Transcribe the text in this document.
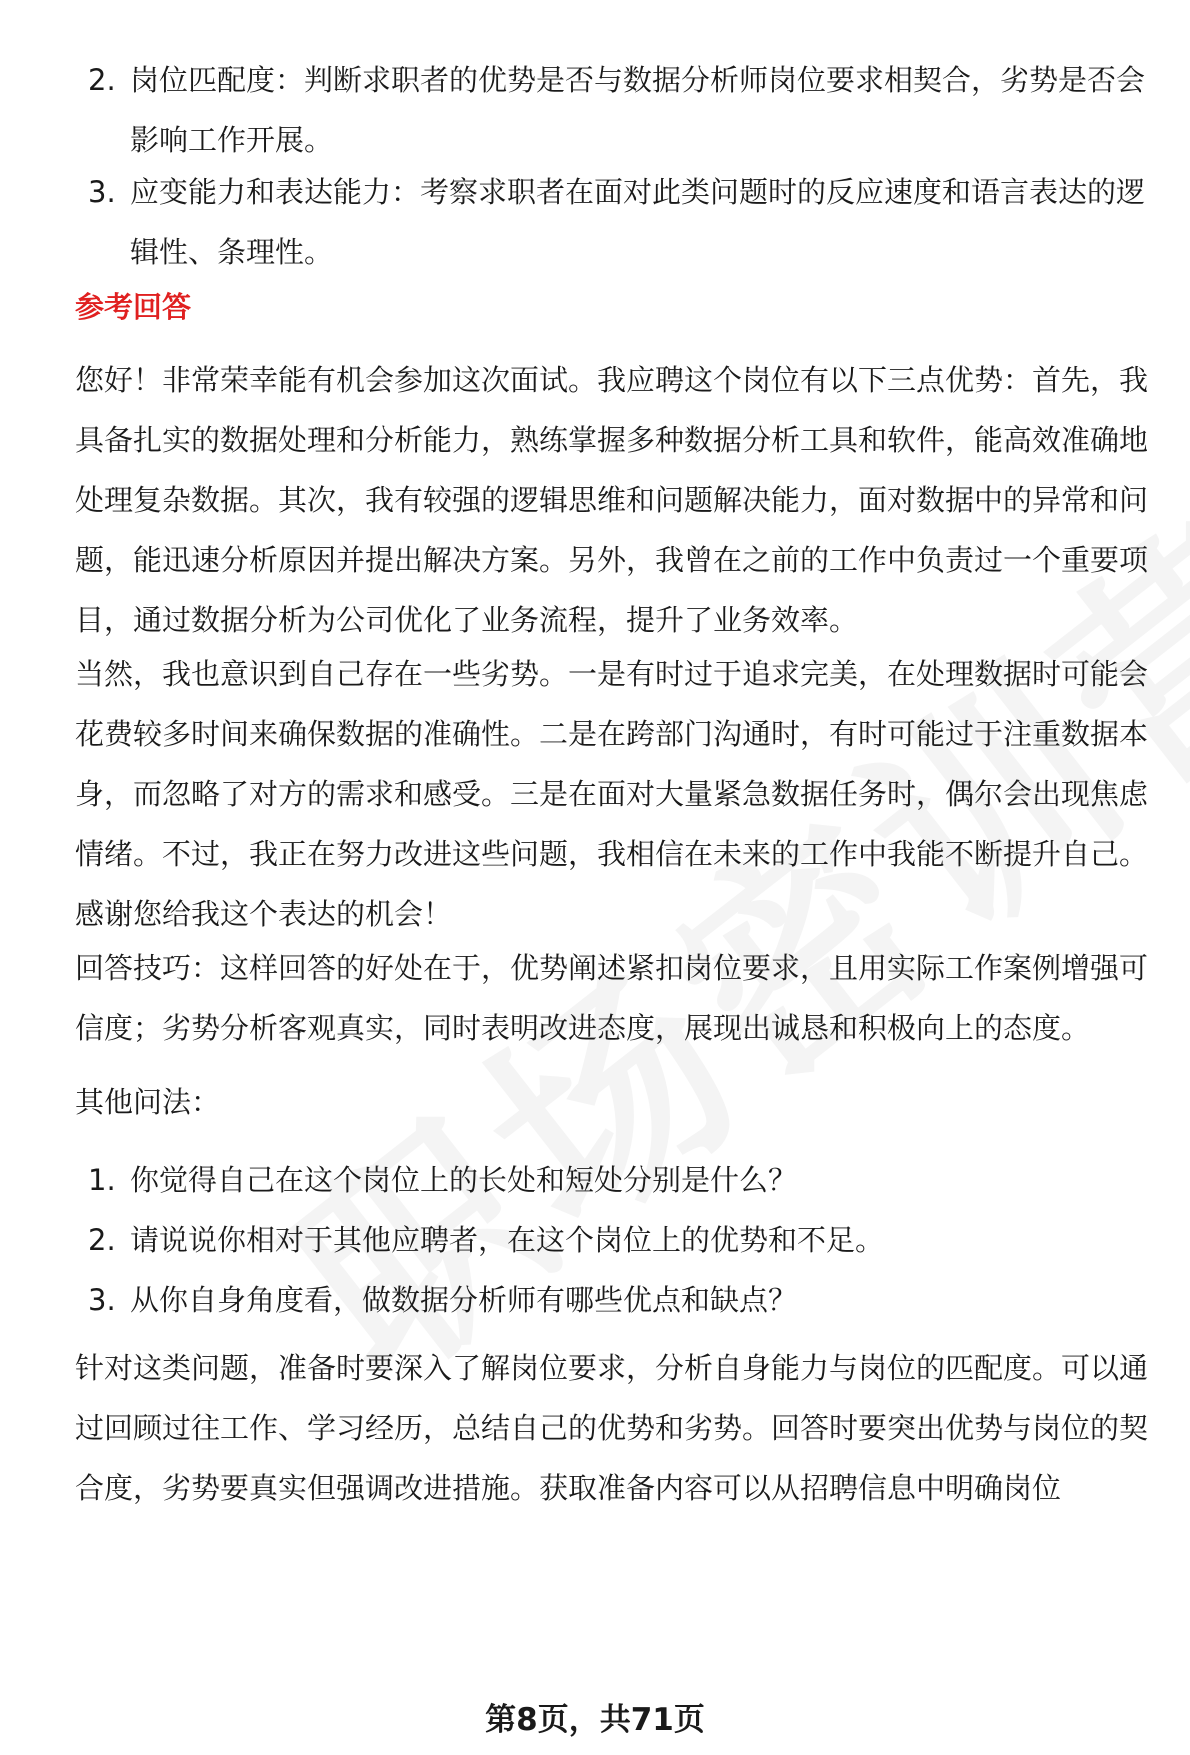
2. 岗位匹配度：判断求职者的优势是否与数据分析师岗位要求相契合，劣势是否会影响工作开展。
3. 应变能力和表达能力：考察求职者在面对此类问题时的反应速度和语言表达的逻辑性、条理性。
参考回答

您好！非常荣幸能有机会参加这次面试。我应聘这个岗位有以下三点优势：首先，我具备扎实的数据处理和分析能力，熟练掌握多种数据分析工具和软件，能高效准确地处理复杂数据。其次，我有较强的逻辑思维和问题解决能力，面对数据中的异常和问题，能迅速分析原因并提出解决方案。另外，我曾在之前的工作中负责过一个重要项目，通过数据分析为公司优化了业务流程，提升了业务效率。

当然，我也意识到自己存在一些劣势。一是有时过于追求完美，在处理数据时可能会花费较多时间来确保数据的准确性。二是在跨部门沟通时，有时可能过于注重数据本身，而忽略了对方的需求和感受。三是在面对大量紧急数据任务时，偶尔会出现焦虑情绪。不过，我正在努力改进这些问题，我相信在未来的工作中我能不断提升自己。感谢您给我这个表达的机会！

回答技巧：这样回答的好处在于，优势阐述紧扣岗位要求，且用实际工作案例增强可信度；劣势分析客观真实，同时表明改进态度，展现出诚恳和积极向上的态度。

其他问法：

1. 你觉得自己在这个岗位上的长处和短处分别是什么？
2. 请说说你相对于其他应聘者，在这个岗位上的优势和不足。
3. 从你自身角度看，做数据分析师有哪些优点和缺点？

针对这类问题，准备时要深入了解岗位要求，分析自身能力与岗位的匹配度。可以通过回顾过往工作、学习经历，总结自己的优势和劣势。回答时要突出优势与岗位的契合度，劣势要真实但强调改进措施。获取准备内容可以从招聘信息中明确岗位

第8页，共71页
